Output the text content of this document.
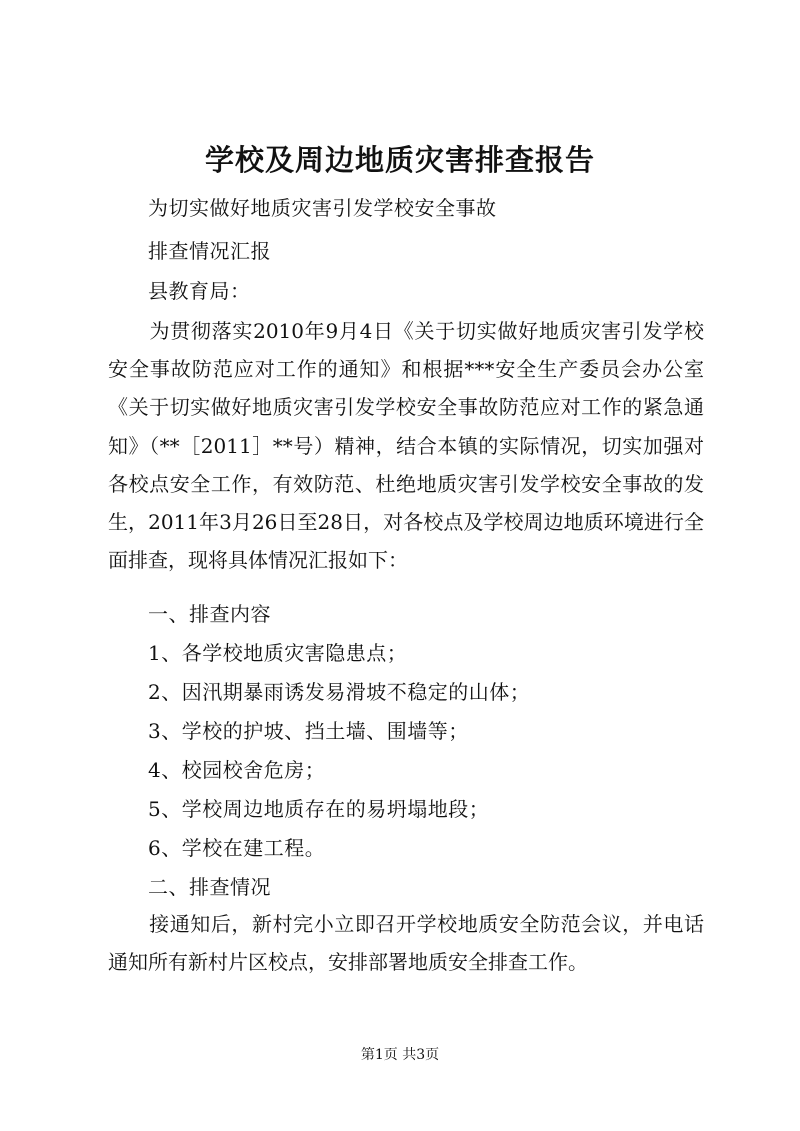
学校及周边地质灾害排查报告
为切实做好地质灾害引发学校安全事故
排查情况汇报
县教育局：

　　为贯彻落实2010年9月4日《关于切实做好地质灾害引发学校安全事故防范应对工作的通知》和根据***安全生产委员会办公室《关于切实做好地质灾害引发学校安全事故防范应对工作的紧急通知》（**［2011］**号）精神，结合本镇的实际情况，切实加强对各校点安全工作，有效防范、杜绝地质灾害引发学校安全事故的发生，2011年3月26日至28日，对各校点及学校周边地质环境进行全面排查，现将具体情况汇报如下：

一、排查内容
1、各学校地质灾害隐患点；
2、因汛期暴雨诱发易滑坡不稳定的山体；
3、学校的护坡、挡土墙、围墙等；
4、校园校舍危房；
5、学校周边地质存在的易坍塌地段；
6、学校在建工程。
二、排查情况

　　接通知后，新村完小立即召开学校地质安全防范会议，并电话通知所有新村片区校点，安排部署地质安全排查工作。

第1页 共3页
